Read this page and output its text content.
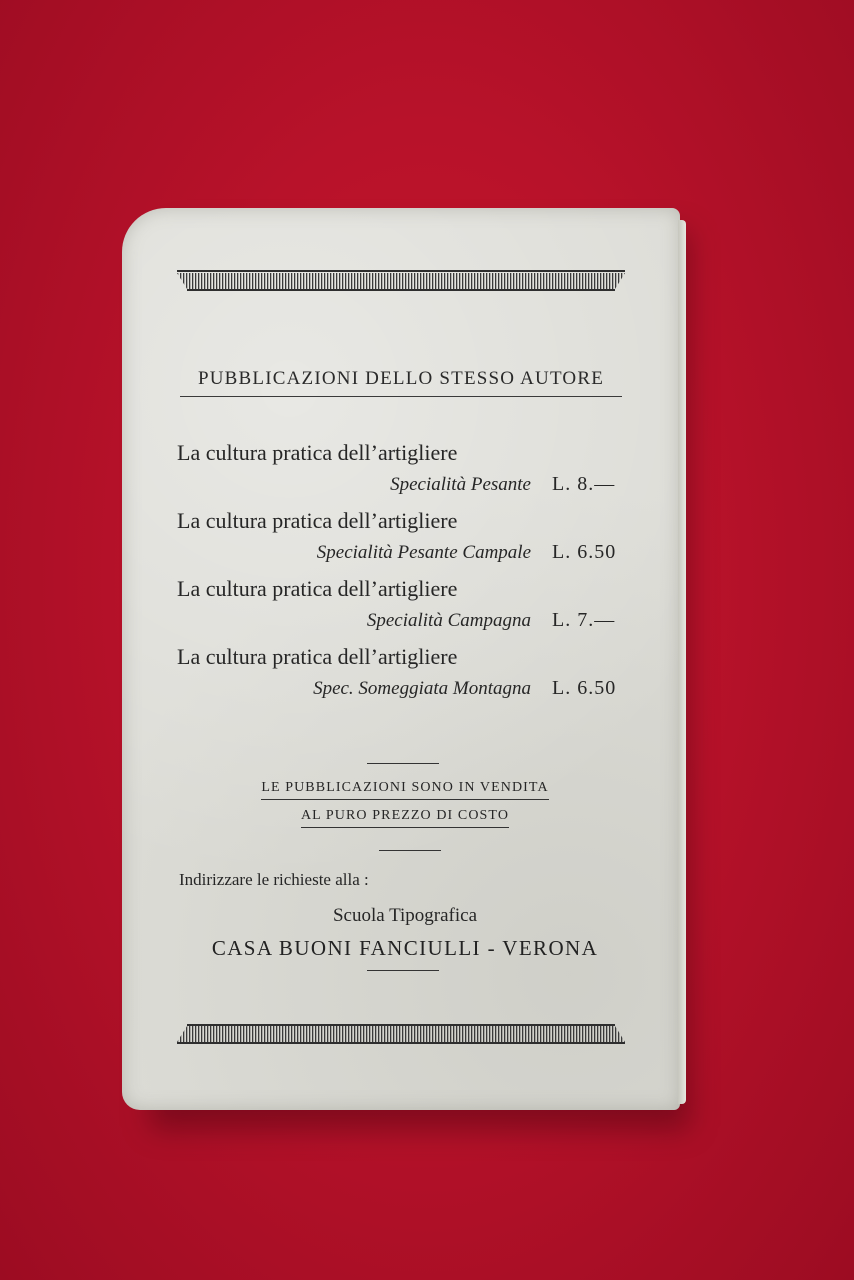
PUBBLICAZIONI DELLO STESSO AUTORE
La cultura pratica dell’artigliere
Specialità Pesante L. 8.—
La cultura pratica dell’artigliere
Specialità Pesante Campale L. 6.50
La cultura pratica dell’artigliere
Specialità Campagna L. 7.—
La cultura pratica dell’artigliere
Spec. Someggiata Montagna L. 6.50
LE PUBBLICAZIONI SONO IN VENDITA
AL PURO PREZZO DI COSTO
Indirizzare le richieste alla :
Scuola Tipografica
CASA BUONI FANCIULLI - VERONA
